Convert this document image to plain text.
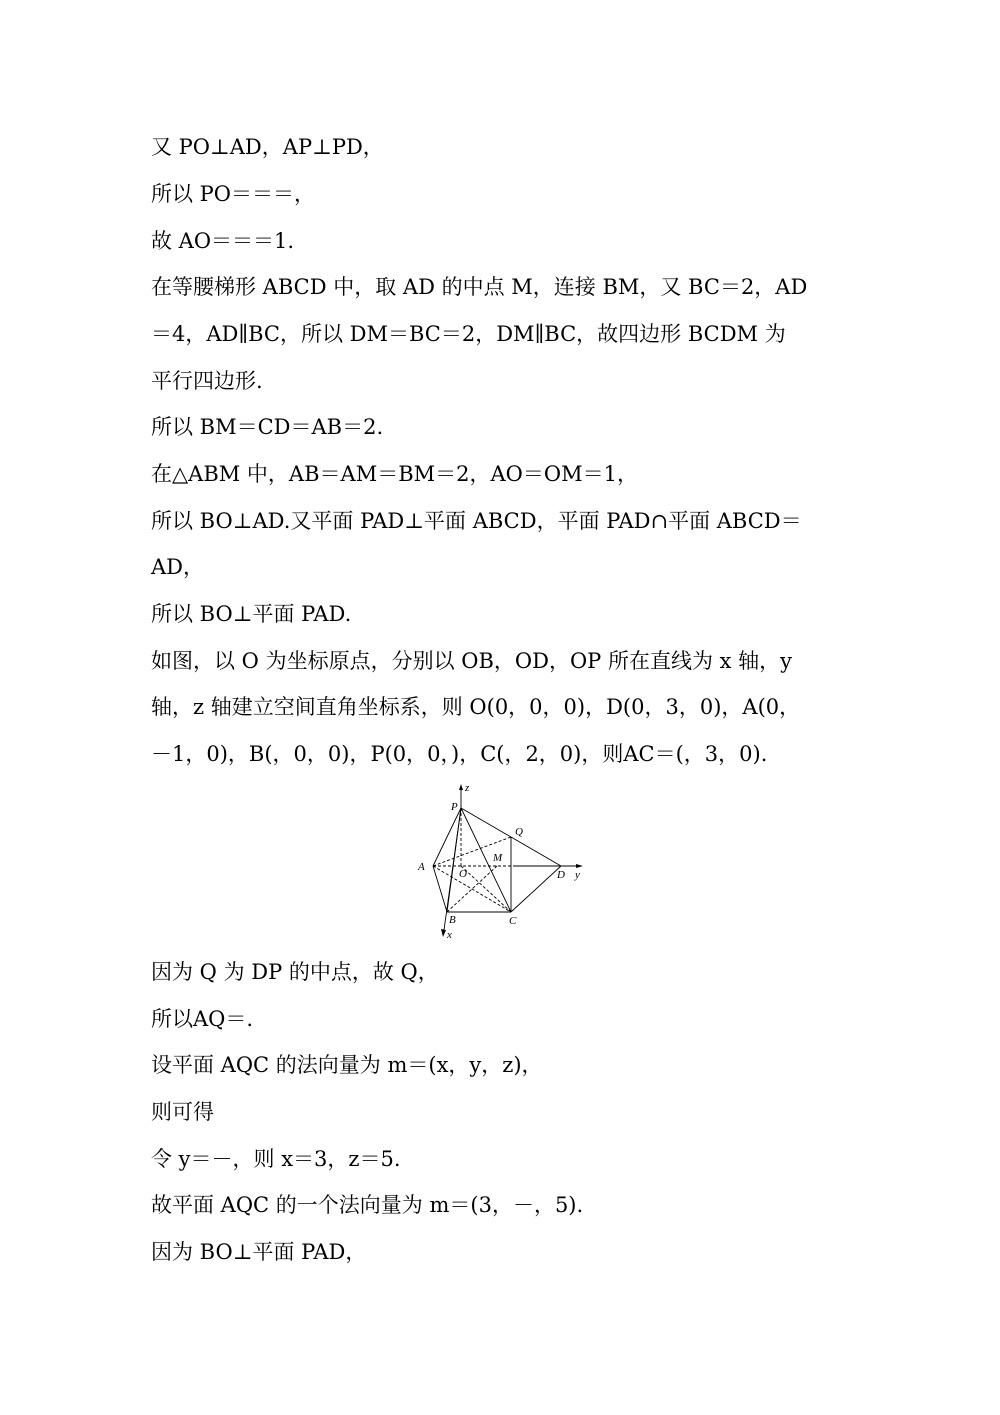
又 PO⊥AD，AP⊥PD，
所以 PO＝＝＝，
故 AO＝＝＝1.
在等腰梯形 ABCD 中，取 AD 的中点 M，连接 BM，又 BC＝2，AD
＝4，AD∥BC，所以 DM＝BC＝2，DM∥BC，故四边形 BCDM 为
平行四边形.
所以 BM＝CD＝AB＝2.
在△ABM 中，AB＝AM＝BM＝2，AO＝OM＝1，
所以 BO⊥AD.又平面 PAD⊥平面 ABCD，平面 PAD∩平面 ABCD＝
AD，
所以 BO⊥平面 PAD.
如图，以 O 为坐标原点，分别以 OB，OD，OP 所在直线为 x 轴，y
轴，z 轴建立空间直角坐标系，则 O(0，0，0)，D(0，3，0)，A(0，
－1，0)，B(，0，0)，P(0，0，)，C(，2，0)，则AC＝(，3，0).
P
Q
M
A
O	D y
B	C
x
z
因为 Q 为 DP 的中点，故 Q，
所以AQ＝.
设平面 AQC 的法向量为 m＝(x，y，z)，
则可得
令 y＝－，则 x＝3，z＝5.
故平面 AQC 的一个法向量为 m＝(3，－，5).
因为 BO⊥平面 PAD，
